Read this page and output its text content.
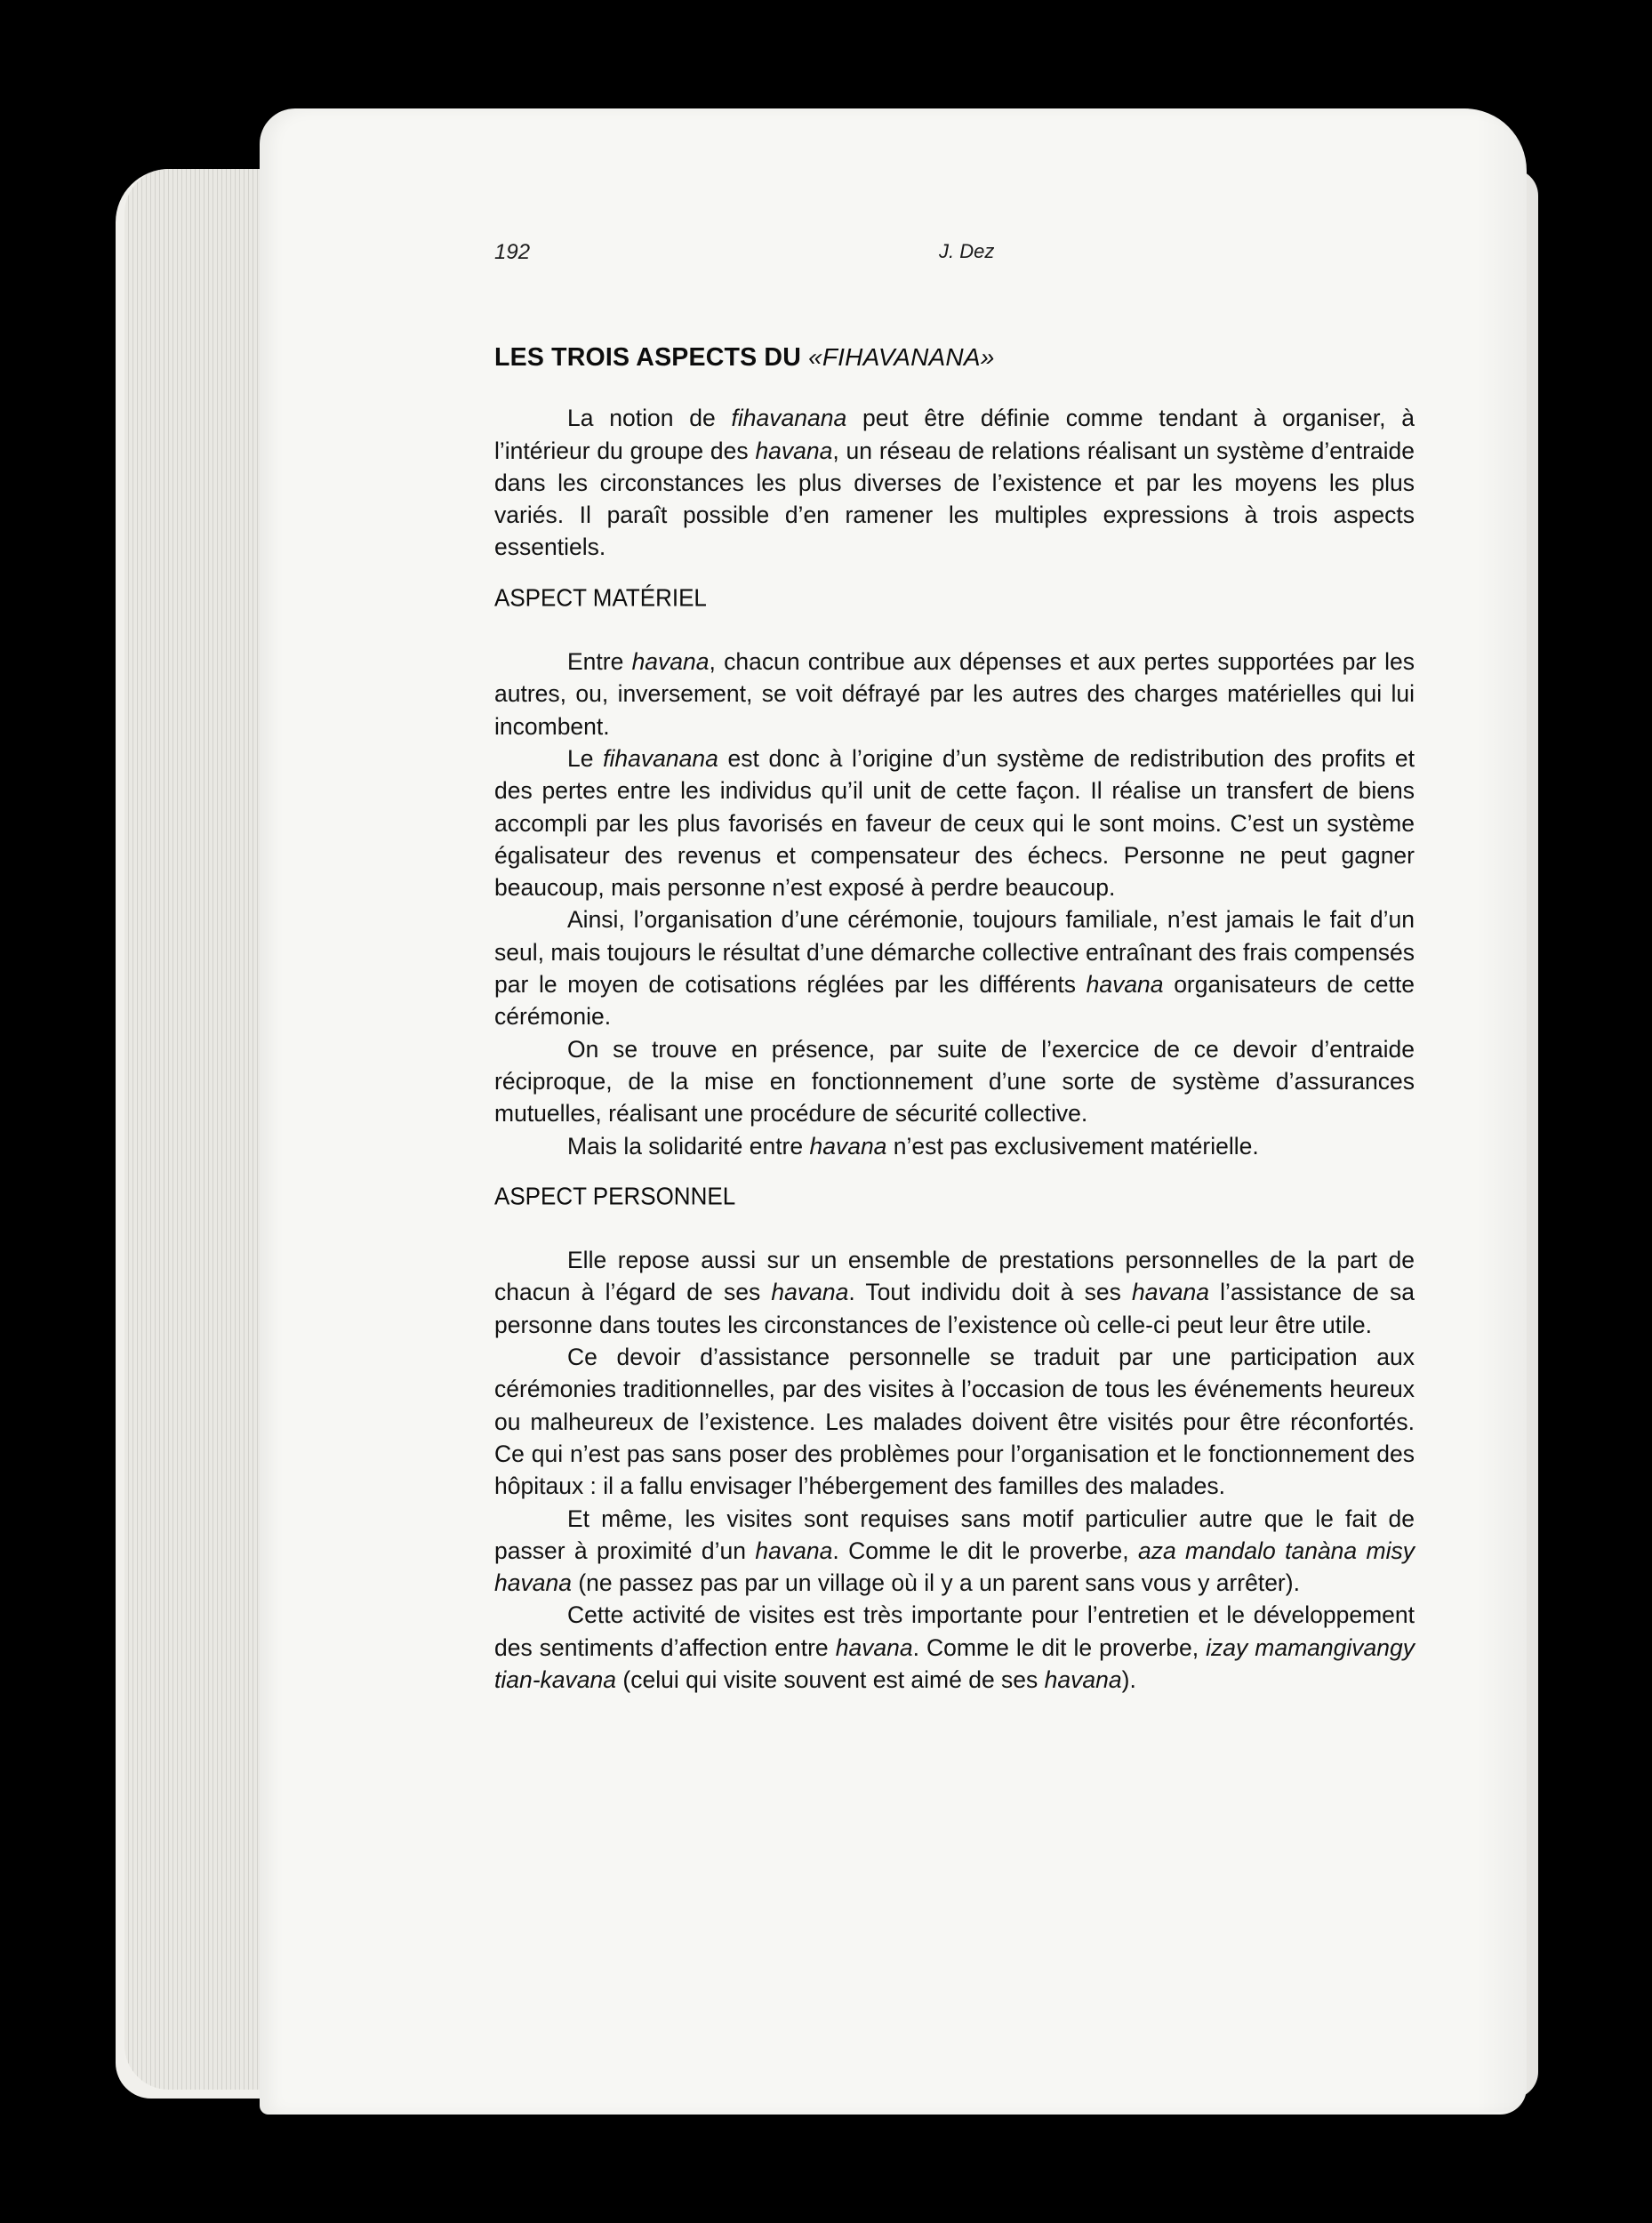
192	J. Dez
LES TROIS ASPECTS DU «FIHAVANANA»

La notion de fihavanana peut être définie comme tendant à organiser, à l’intérieur du groupe des havana, un réseau de relations réalisant un système d’entraide dans les circonstances les plus diverses de l’existence et par les moyens les plus variés. Il paraît possible d’en ramener les multiples expressions à trois aspects essentiels.

ASPECT MATÉRIEL

Entre havana, chacun contribue aux dépenses et aux pertes supportées par les autres, ou, inversement, se voit défrayé par les autres des charges matérielles qui lui incombent.

Le fihavanana est donc à l’origine d’un système de redistribution des profits et des pertes entre les individus qu’il unit de cette façon. Il réalise un transfert de biens accompli par les plus favorisés en faveur de ceux qui le sont moins. C’est un système égalisateur des revenus et compensateur des échecs. Personne ne peut gagner beaucoup, mais personne n’est exposé à perdre beaucoup.

Ainsi, l’organisation d’une cérémonie, toujours familiale, n’est jamais le fait d’un seul, mais toujours le résultat d’une démarche collective entraînant des frais compensés par le moyen de cotisations réglées par les différents havana organisateurs de cette cérémonie.

On se trouve en présence, par suite de l’exercice de ce devoir d’entraide réciproque, de la mise en fonctionnement d’une sorte de système d’assurances mutuelles, réalisant une procédure de sécurité collective.

Mais la solidarité entre havana n’est pas exclusivement matérielle.

ASPECT PERSONNEL

Elle repose aussi sur un ensemble de prestations personnelles de la part de chacun à l’égard de ses havana. Tout individu doit à ses havana l’assistance de sa personne dans toutes les circonstances de l’existence où celle-ci peut leur être utile.

Ce devoir d’assistance personnelle se traduit par une participation aux cérémonies traditionnelles, par des visites à l’occasion de tous les événements heureux ou malheureux de l’existence. Les malades doivent être visités pour être réconfortés. Ce qui n’est pas sans poser des problèmes pour l’organisation et le fonctionnement des hôpitaux : il a fallu envisager l’hébergement des familles des malades.

Et même, les visites sont requises sans motif particulier autre que le fait de passer à proximité d’un havana. Comme le dit le proverbe, aza mandalo tanàna misy havana (ne passez pas par un village où il y a un parent sans vous y arrêter).

Cette activité de visites est très importante pour l’entretien et le développement des sentiments d’affection entre havana. Comme le dit le proverbe, izay mamangivangy tian-kavana (celui qui visite souvent est aimé de ses havana).
